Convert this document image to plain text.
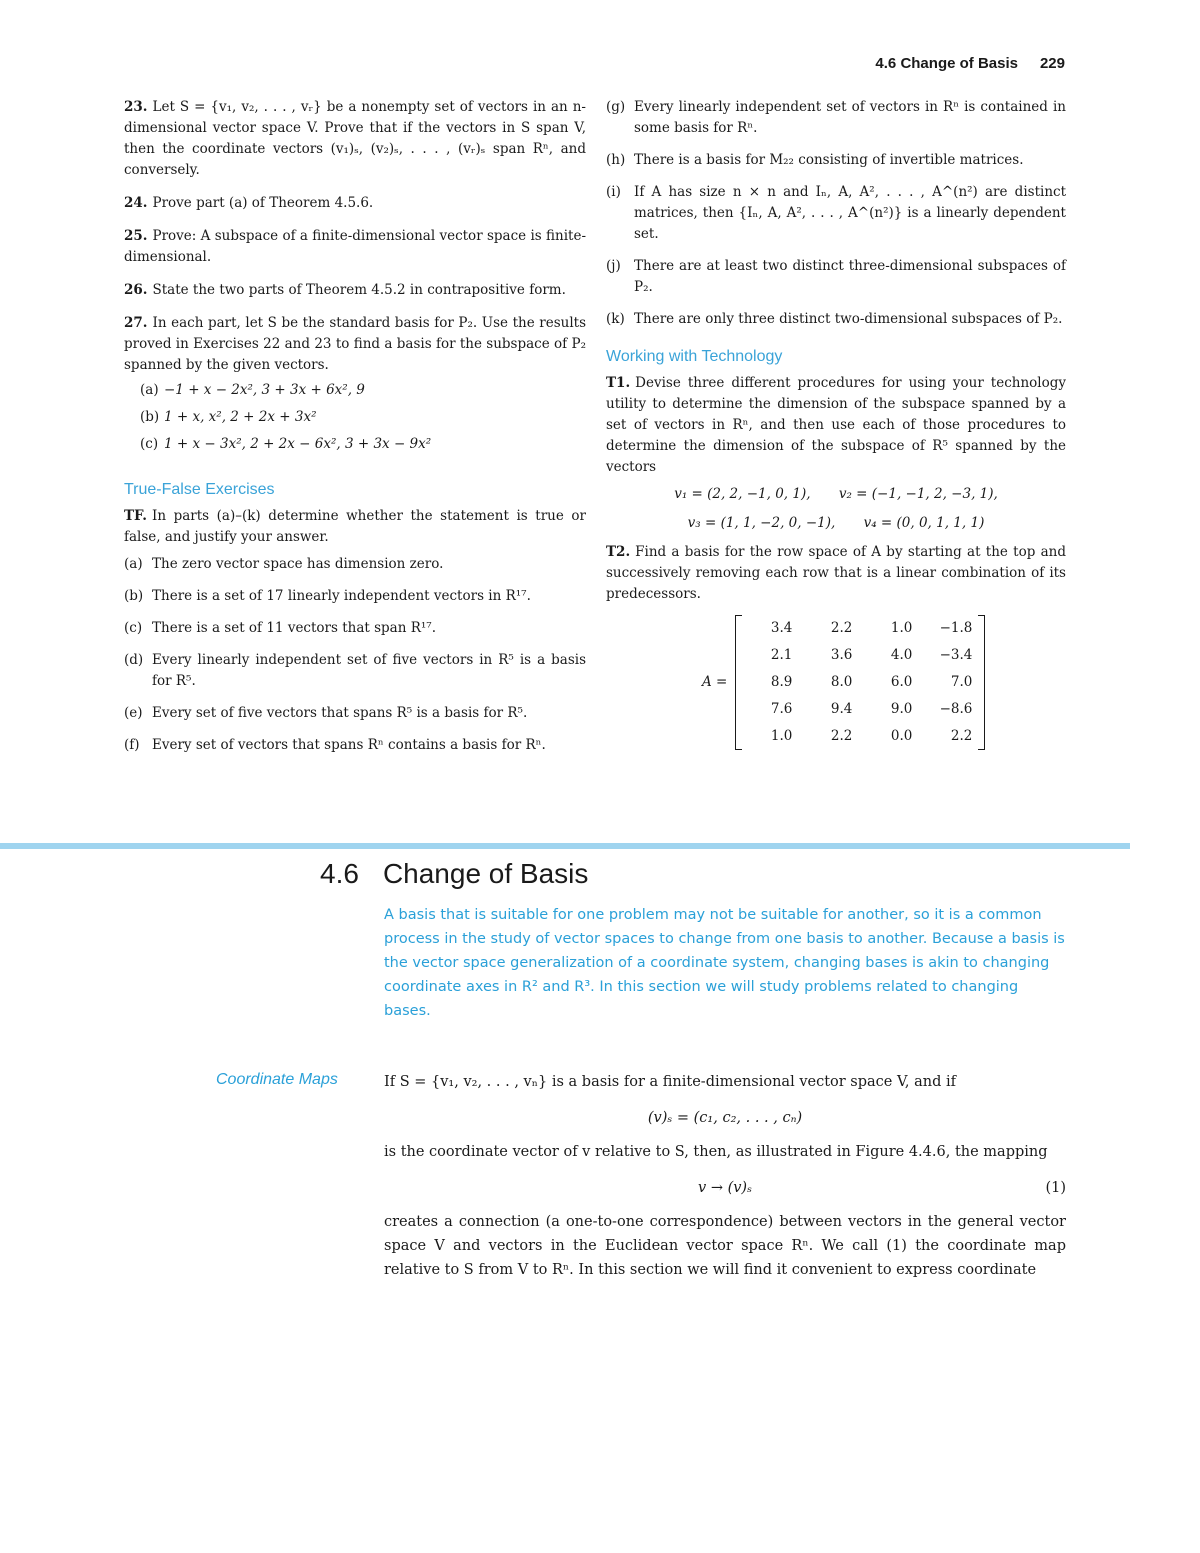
4.6 Change of Basis 229

23. Let S = {v₁, v₂, . . . , vᵣ} be a nonempty set of vectors in an n-dimensional vector space V. Prove that if the vectors in S span V, then the coordinate vectors (v₁)ₛ, (v₂)ₛ, . . . , (vᵣ)ₛ span Rⁿ, and conversely.

24. Prove part (a) of Theorem 4.5.6.

25. Prove: A subspace of a finite-dimensional vector space is finite-dimensional.

26. State the two parts of Theorem 4.5.2 in contrapositive form.

27. In each part, let S be the standard basis for P₂. Use the results proved in Exercises 22 and 23 to find a basis for the subspace of P₂ spanned by the given vectors.

(a) −1 + x − 2x², 3 + 3x + 6x², 9

(b) 1 + x, x², 2 + 2x + 3x²

(c) 1 + x − 3x², 2 + 2x − 6x², 3 + 3x − 9x²

True-False Exercises

TF. In parts (a)–(k) determine whether the statement is true or false, and justify your answer.

(a) The zero vector space has dimension zero.

(b) There is a set of 17 linearly independent vectors in R¹⁷.

(c) There is a set of 11 vectors that span R¹⁷.

(d) Every linearly independent set of five vectors in R⁵ is a basis for R⁵.

(e) Every set of five vectors that spans R⁵ is a basis for R⁵.

(f) Every set of vectors that spans Rⁿ contains a basis for Rⁿ.

(g) Every linearly independent set of vectors in Rⁿ is contained in some basis for Rⁿ.

(h) There is a basis for M₂₂ consisting of invertible matrices.

(i) If A has size n × n and Iₙ, A, A², . . . , A^(n²) are distinct matrices, then {Iₙ, A, A², . . . , A^(n²)} is a linearly dependent set.

(j) There are at least two distinct three-dimensional subspaces of P₂.

(k) There are only three distinct two-dimensional subspaces of P₂.

Working with Technology

T1. Devise three different procedures for using your technology utility to determine the dimension of the subspace spanned by a set of vectors in Rⁿ, and then use each of those procedures to determine the dimension of the subspace of R⁵ spanned by the vectors

v₁ = (2, 2, −1, 0, 1), v₂ = (−1, −1, 2, −3, 1),
v₃ = (1, 1, −2, 0, −1), v₄ = (0, 0, 1, 1, 1)

T2. Find a basis for the row space of A by starting at the top and successively removing each row that is a linear combination of its predecessors.

A =
3.4	2.2	1.0	−1.8
2.1	3.6	4.0	−3.4
8.9	8.0	6.0	7.0
7.6	9.4	9.0	−8.6
1.0	2.2	0.0	2.2
4.6 Change of Basis
A basis that is suitable for one problem may not be suitable for another, so it is a common process in the study of vector spaces to change from one basis to another. Because a basis is the vector space generalization of a coordinate system, changing bases is akin to changing coordinate axes in R² and R³. In this section we will study problems related to changing bases.
Coordinate Maps	If S = {v₁, v₂, . . . , vₙ} is a basis for a finite-dimensional vector space V, and if

(v)ₛ = (c₁, c₂, . . . , cₙ)

is the coordinate vector of v relative to S, then, as illustrated in Figure 4.4.6, the mapping

v → (v)ₛ	(1)

creates a connection (a one-to-one correspondence) between vectors in the general vector space V and vectors in the Euclidean vector space Rⁿ. We call (1) the coordinate map relative to S from V to Rⁿ. In this section we will find it convenient to express coordinate
